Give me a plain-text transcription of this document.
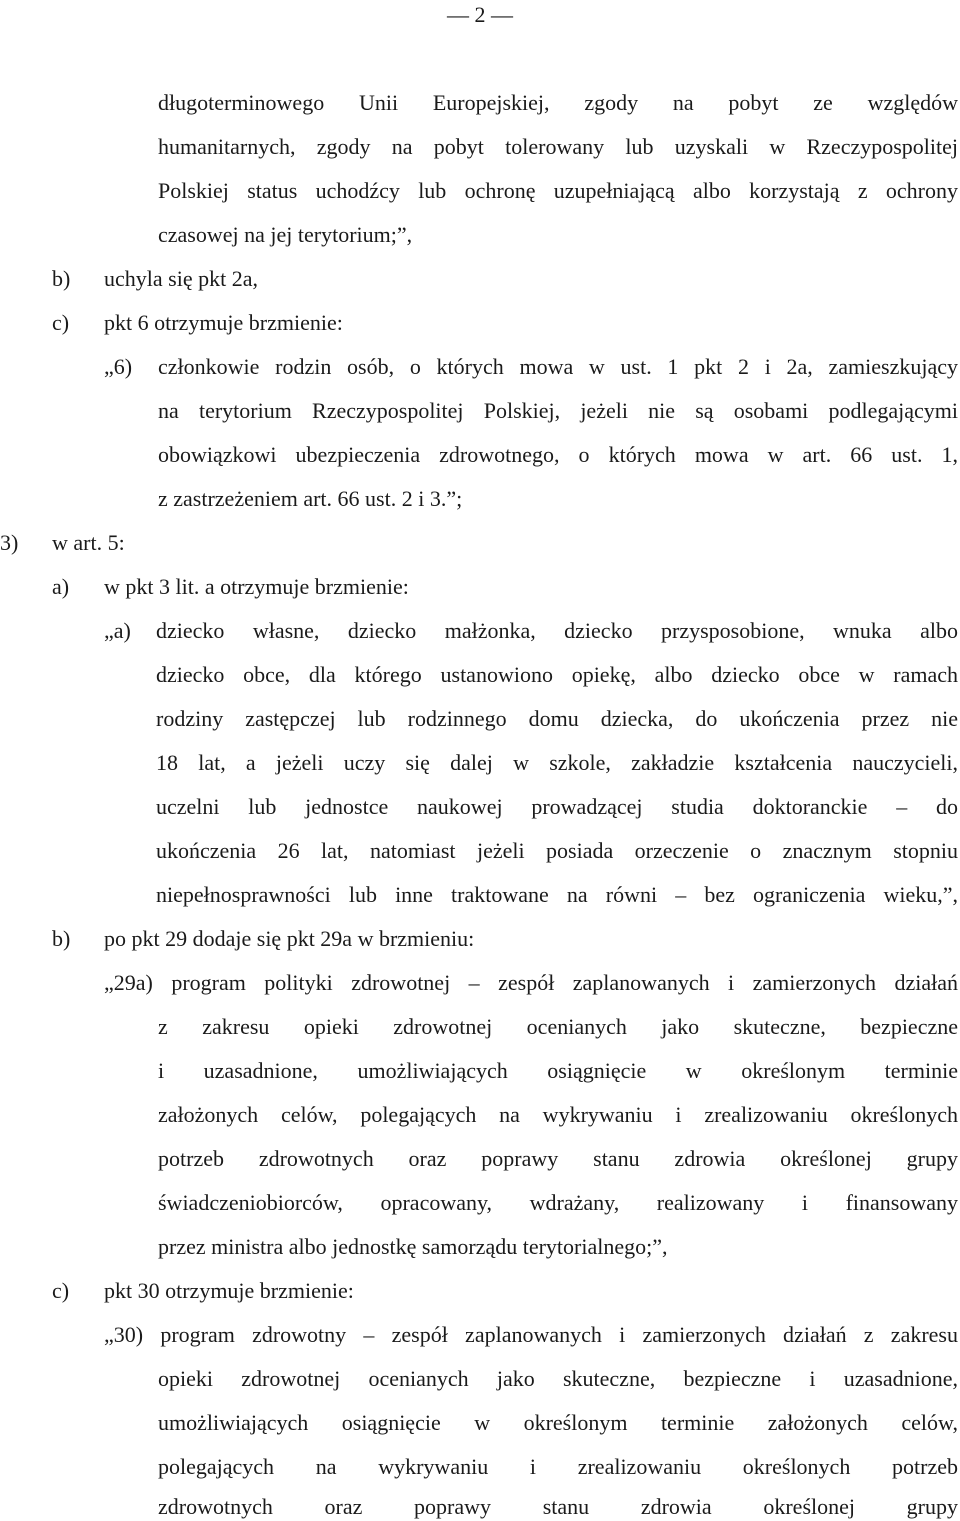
— 2 —
długoterminowego Unii Europejskiej, zgody na pobyt ze względów
humanitarnych, zgody na pobyt tolerowany lub uzyskali w Rzeczypospolitej
Polskiej status uchodźcy lub ochronę uzupełniającą albo korzystają z ochrony
czasowej na jej terytorium;”,
b) uchyla się pkt 2a,
c) pkt 6 otrzymuje brzmienie:
„6) członkowie rodzin osób, o których mowa w ust. 1 pkt 2 i 2a, zamieszkujący
na terytorium Rzeczypospolitej Polskiej, jeżeli nie są osobami podlegającymi
obowiązkowi ubezpieczenia zdrowotnego, o których mowa w art. 66 ust. 1,
z zastrzeżeniem art. 66 ust. 2 i 3.”;
3) w art. 5:
a) w pkt 3 lit. a otrzymuje brzmienie:
„a) dziecko własne, dziecko małżonka, dziecko przysposobione, wnuka albo
dziecko obce, dla którego ustanowiono opiekę, albo dziecko obce w ramach
rodziny zastępczej lub rodzinnego domu dziecka, do ukończenia przez nie
18 lat, a jeżeli uczy się dalej w szkole, zakładzie kształcenia nauczycieli,
uczelni lub jednostce naukowej prowadzącej studia doktoranckie – do
ukończenia 26 lat, natomiast jeżeli posiada orzeczenie o znacznym stopniu
niepełnosprawności lub inne traktowane na równi – bez ograniczenia wieku,”,
b) po pkt 29 dodaje się pkt 29a w brzmieniu:
„29a) program polityki zdrowotnej – zespół zaplanowanych i zamierzonych działań
z zakresu opieki zdrowotnej ocenianych jako skuteczne, bezpieczne
i uzasadnione, umożliwiających osiągnięcie w określonym terminie
założonych celów, polegających na wykrywaniu i zrealizowaniu określonych
potrzeb zdrowotnych oraz poprawy stanu zdrowia określonej grupy
świadczeniobiorców, opracowany, wdrażany, realizowany i finansowany
przez ministra albo jednostkę samorządu terytorialnego;”,
c) pkt 30 otrzymuje brzmienie:
„30) program zdrowotny – zespół zaplanowanych i zamierzonych działań z zakresu
opieki zdrowotnej ocenianych jako skuteczne, bezpieczne i uzasadnione,
umożliwiających osiągnięcie w określonym terminie założonych celów,
polegających na wykrywaniu i zrealizowaniu określonych potrzeb
zdrowotnych oraz poprawy stanu zdrowia określonej grupy
